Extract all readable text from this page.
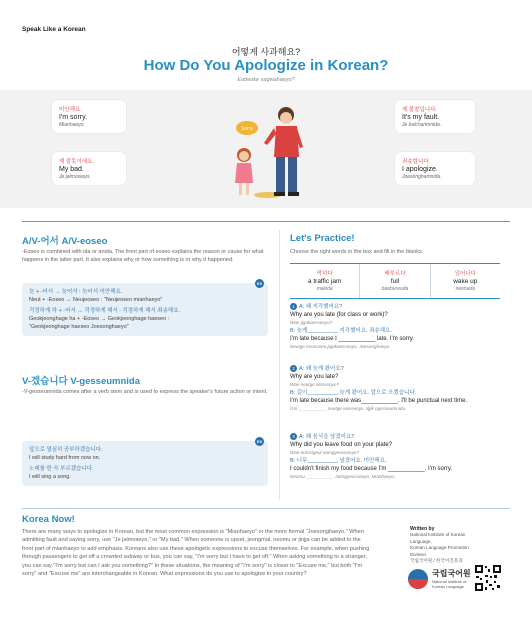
Speak Like a Korean
어떻게 사과해요?
How Do You Apologize in Korean?
Eotteoke sagwahaeyo?
미안해요.
I'm sorry.
Mianhaeyo.
제 잘못이에요.
My bad.
Je jalmosieyo.
제 불찰입니다.
It's my fault.
Je bulcharimnida.
죄송합니다.
I apologize.
Joesonghamnida.
Sorry
A/V-어서 A/V-eoseo
-Eoseo is combined with ida or anida. The front part of eoseo explains the reason or cause for what happens in the latter part. It also explains why or how something is or why it happened.
EX
늦 + -어서 → 늦어서 : 늦어서 미안해요.
Neut + -Eoseo → Neujeoseo : "Neujeoseo mianhaeyo"
걱정하게 하 + -어서 → 걱정하게 해서 : 걱정하게 해서 죄송해요.
Geokjeonghage ha + -Eoseo → Geokjeonghage haeseo :
"Geokjeonghage haeseo Joesonghaeyo"
V-겠습니다 V-gesseumnida
-V-gesseumnida comes after a verb stem and is used to express the speaker's future action or intent.
EX
앞으로 열심히 공부하겠습니다.
I will study hard from now on.
노래를 한 곡 부르겠습니다.
I will sing a song.
Let's Practice!
Choose the right words in the box and fill in the blanks.
막히다
a traffic jam
makida
배부르다
full
baebureuda
일어나다
wake up
ireonada
1 A: 왜 지각했어요?
Why are you late (for class or work)?
Wae jigakaesseoyo?
B: 늦게__________ 지각했어요. 죄송해요.
I'm late because I ___________ late. I'm sorry.
Neutge ireonaseo jigakaesseoyo. Joesonghaeyo.
2 A: 왜 늦게 왔어요?
Why are you late?
Wae neutge wasseoyo?
B: 길이__________ 늦게 왔어요. 앞으로 오겠습니다.
I'm late because there was___________. I'll be punctual next time.
Giri ___________ neutge wasseoyo. Iljjik ogesseumnida.
3 A: 왜 음식을 남겼어요?
Why did you leave food on your plate?
Wae eumsigeul namgyeosseoyo?
B: 너무__________ 남겼어요. 미안해요.
I couldn't finish my food because I'm ___________. I'm sorry.
Neomu ___________ namgyeosseoyo. Mianhaeyo.
Korea Now!
There are many ways to apologize in Korean, but the most common expression is "Mianhaeyo" or the more formal "Joesonghaeyo." When admitting fault and saying sorry, use "Je jalmoseyo," or "My bad." When someone is upset, jeongmal, neomu or jinjja can be added to the front part of mianhaeyo to add emphasis. Koreans also use these apologetic expressions to excuse themselves. For example, when pushing through passengers to get off a crowded subway or bus, you can say, "I'm sorry but I have to get off." When asking something to a stranger, you can say "I'm sorry but can I ask you something?" In these situations, the meaning of "I'm sorry" is closer to "Excuse me," but both "I'm sorry" and "Excuse me" are interchangeable in Korean. What expressions do you use to apologize in your country?
Written by
National Institute of Korean Language,
Korean Language Promotion Division
국립국어원 / 한국어진흥과
국립국어원
National Institute of
Korean Language
